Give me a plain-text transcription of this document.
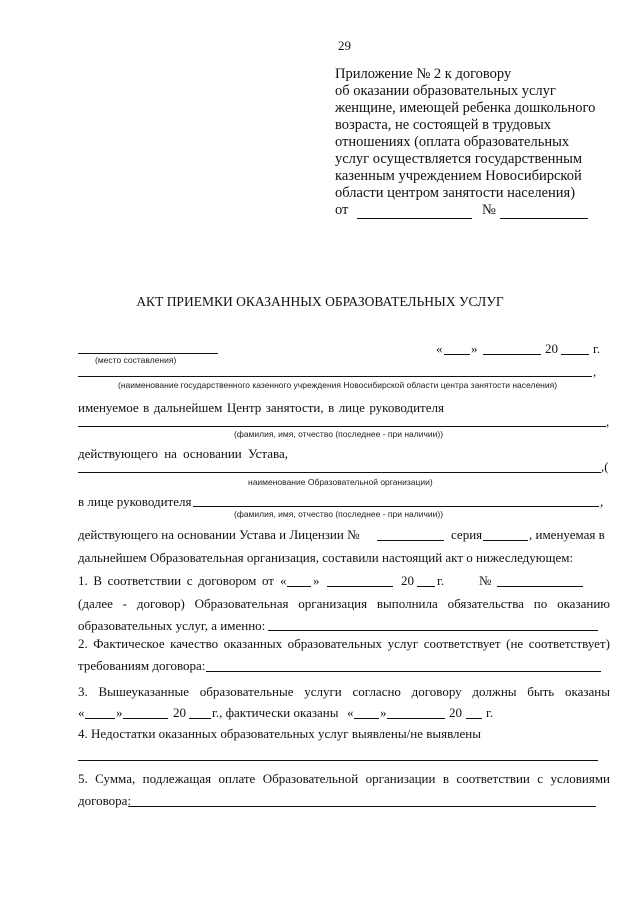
29
Приложение № 2 к договору
об оказании образовательных услуг
женщине, имеющей ребенка дошкольного
возраста, не состоящей в трудовых
отношениях (оплата образовательных
услуг осуществляется государственным
казенным учреждением Новосибирской
области центром занятости населения)
от	№
АКТ ПРИЕМКИ ОКАЗАННЫХ ОБРАЗОВАТЕЛЬНЫХ УСЛУГ
(место составления)
« »	20	г.
,
(наименование государственного казенного учреждения Новосибирской области центра занятости населения)
именуемое в дальнейшем Центр занятости, в лице руководителя
,
(фамилия, имя, отчество (последнее - при наличии))
действующего на основании Устава,
,(
наименование Образовательной организации)
в лице руководителя	,
(фамилия, имя, отчество (последнее - при наличии))
действующего на основании Устава и Лицензии №	серия	, именуемая в
дальнейшем Образовательная организация, составили настоящий акт о нижеследующем:
1. В соответствии с договором от « »	20 г.	№
(далее - договор) Образовательная организация выполнила обязательства по оказанию
образовательных услуг, а именно:
2. Фактическое качество оказанных образовательных услуг соответствует (не соответствует)
требованиям договора:
3. Вышеуказанные образовательные услуги согласно договору должны быть оказаны
« »	20 г., фактически оказаны « »	20 г.
4. Недостатки оказанных образовательных услуг выявлены/не выявлены
5. Сумма, подлежащая оплате Образовательной организации в соответствии с условиями
договора:
